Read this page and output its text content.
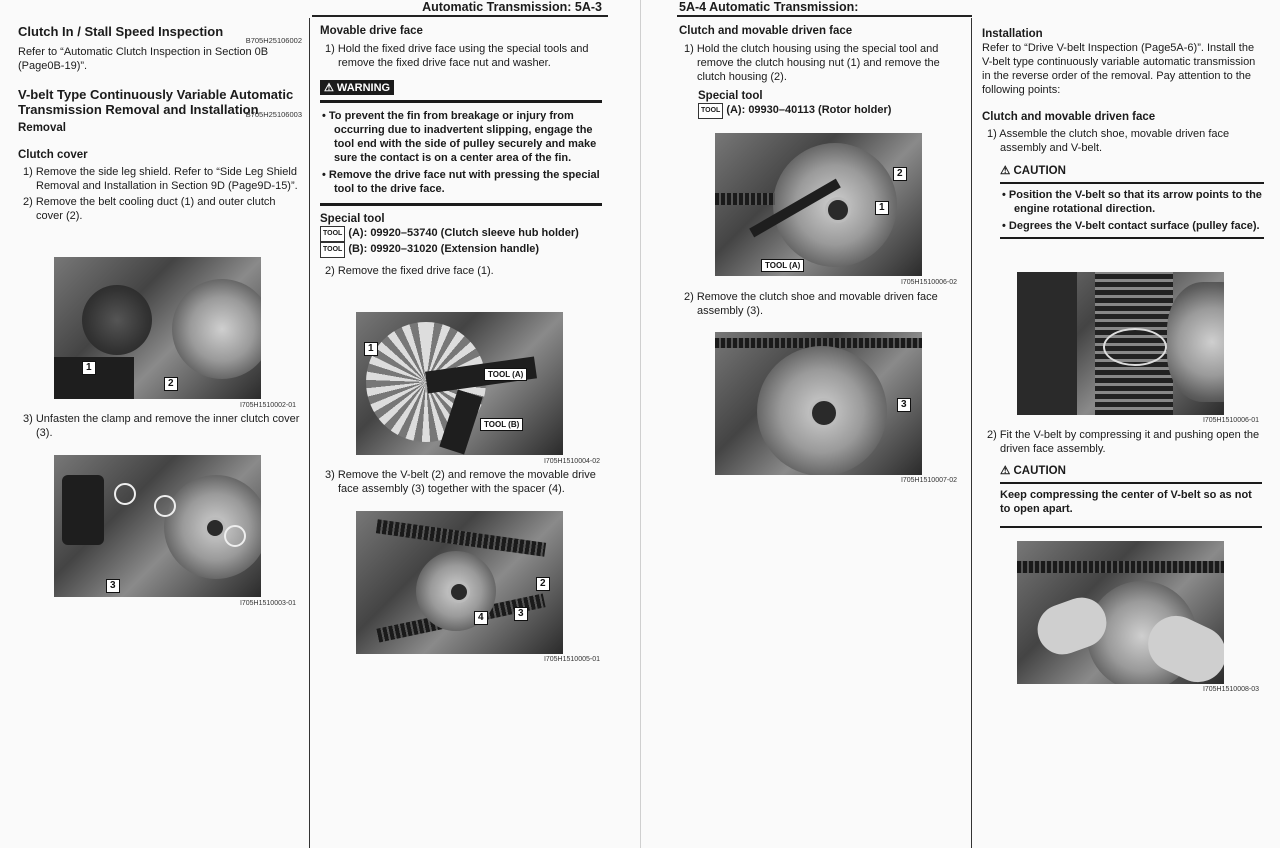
Automatic Transmission: 5A-3
Clutch In / Stall Speed Inspection
B705H25106002

Refer to “Automatic Clutch Inspection in Section 0B (Page0B-19)”.

V-belt Type Continuously Variable Automatic Transmission Removal and Installation
B705H25106003
Removal
Clutch cover

1) Remove the side leg shield. Refer to “Side Leg Shield Removal and Installation in Section 9D (Page9D-15)”.

2) Remove the belt cooling duct (1) and outer clutch cover (2).

1
2
I705H1510002-01

3) Unfasten the clamp and remove the inner clutch cover (3).

3
I705H1510003-01
Movable drive face

1) Hold the fixed drive face using the special tools and remove the fixed drive face nut and washer.

⚠ WARNING

• To prevent the fin from breakage or injury from occurring due to inadvertent slipping, engage the tool end with the side of pulley securely and make sure the contact is on a center area of the fin.

• Remove the drive face nut with pressing the special tool to the drive face.

Special tool

TOOL (A): 09920–53740 (Clutch sleeve hub holder)

TOOL (B): 09920–31020 (Extension handle)

2) Remove the fixed drive face (1).

1
TOOL (A)
TOOL (B)
I705H1510004-02

3) Remove the V-belt (2) and remove the movable drive face assembly (3) together with the spacer (4).

2
3
4
I705H1510005-01
5A-4 Automatic Transmission:
Clutch and movable driven face

1) Hold the clutch housing using the special tool and remove the clutch housing nut (1) and remove the clutch housing (2).

Special tool

TOOL (A): 09930–40113 (Rotor holder)

2
1
TOOL (A)
I705H1510006-02

2) Remove the clutch shoe and movable driven face assembly (3).

3
I705H1510007-02
Installation

Refer to “Drive V-belt Inspection (Page5A-6)”. Install the V-belt type continuously variable automatic transmission in the reverse order of the removal. Pay attention to the following points:

Clutch and movable driven face

1) Assemble the clutch shoe, movable driven face assembly and V-belt.

⚠ CAUTION

• Position the V-belt so that its arrow points to the engine rotational direction.

• Degrees the V-belt contact surface (pulley face).

I705H1510006-01

2) Fit the V-belt by compressing it and pushing open the driven face assembly.

⚠ CAUTION

Keep compressing the center of V-belt so as not to open apart.

I705H1510008-03
